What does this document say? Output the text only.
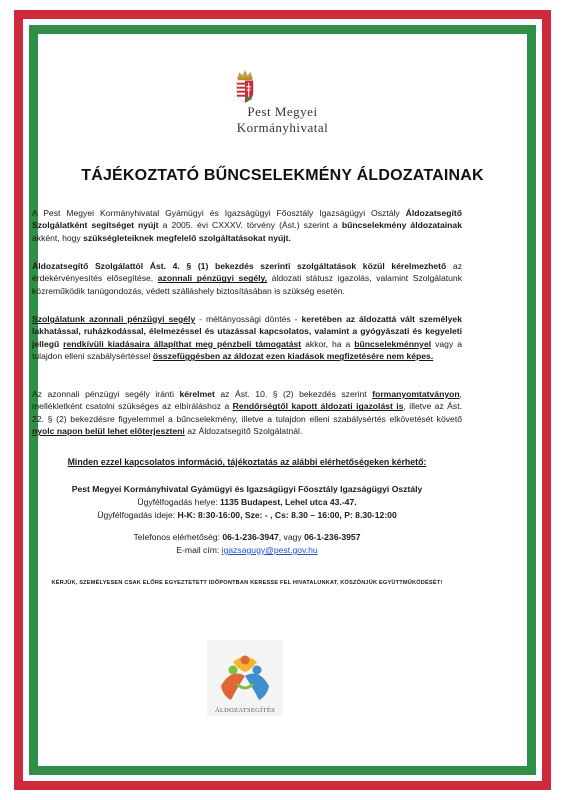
Pest Megyei
Kormányhivatal
TÁJÉKOZTATÓ BŰNCSELEKMÉNY ÁLDOZATAINAK

A Pest Megyei Kormányhivatal Gyámügyi és Igazságügyi Főosztály Igazságügyi Osztály Áldozatsegítő Szolgálatként segítséget nyújt a 2005. évi CXXXV. törvény (Ást.) szerint a bűncselekmény áldozatainak akként, hogy szükségleteiknek megfelelő szolgáltatásokat nyújt.

Áldozatsegítő Szolgálattól Ást. 4. § (1) bekezdés szerinti szolgáltatások közül kérelmezhető az érdekérvényesítés elősegítése, azonnali pénzügyi segély, áldozati státusz igazolás, valamint Szolgálatunk közreműködik tanúgondozás, védett szálláshely biztosításában is szükség esetén.

Szolgálatunk azonnali pénzügyi segély - méltányossági döntés - keretében az áldozattá vált személyek lakhatással, ruházkodással, élelmezéssel és utazással kapcsolatos, valamint a gyógyászati és kegyeleti jellegű rendkívüli kiadásaira állapíthat meg pénzbeli támogatást akkor, ha a bűncselekménnyel vagy a tulajdon elleni szabálysértéssel összefüggésben az áldozat ezen kiadások megfizetésére nem képes.

Az azonnali pénzügyi segély iránti kérelmet az Ást. 10. § (2) bekezdés szerint formanyomtatványon, mellékletként csatolni szükséges az elbíráláshoz a Rendőrségtől kapott áldozati igazolást is, illetve az Ást. 22. § (2) bekezdésre figyelemmel a bűncselekmény, illetve a tulajdon elleni szabálysértés elkövetését követő nyolc napon belül lehet előterjeszteni az Áldozatsegítő Szolgálatnál.

Minden ezzel kapcsolatos információ, tájékoztatás az alábbi elérhetőségeken kérhető:
Pest Megyei Kormányhivatal Gyámügyi és Igazságügyi Főosztály Igazságügyi Osztály
Ügyfélfogadás helye: 1135 Budapest, Lehel utca 43.-47.
Ügyfélfogadás ideje: H-K: 8:30-16:00, Sze: - , Cs: 8.30 – 16:00, P: 8.30-12:00
Telefonos elérhetőség: 06-1-236-3947, vagy 06-1-236-3957
E-mail cím: igazsagugy@pest.gov.hu
KÉRJÜK, SZEMÉLYESEN CSAK ELŐRE EGYEZTETETT IDŐPONTBAN KERESSE FEL HIVATALUNKAT, KÖSZÖNJÜK EGYÜTTMŰKÖDÉSÉT!
ÁLDOZATSEGÍTÉS
